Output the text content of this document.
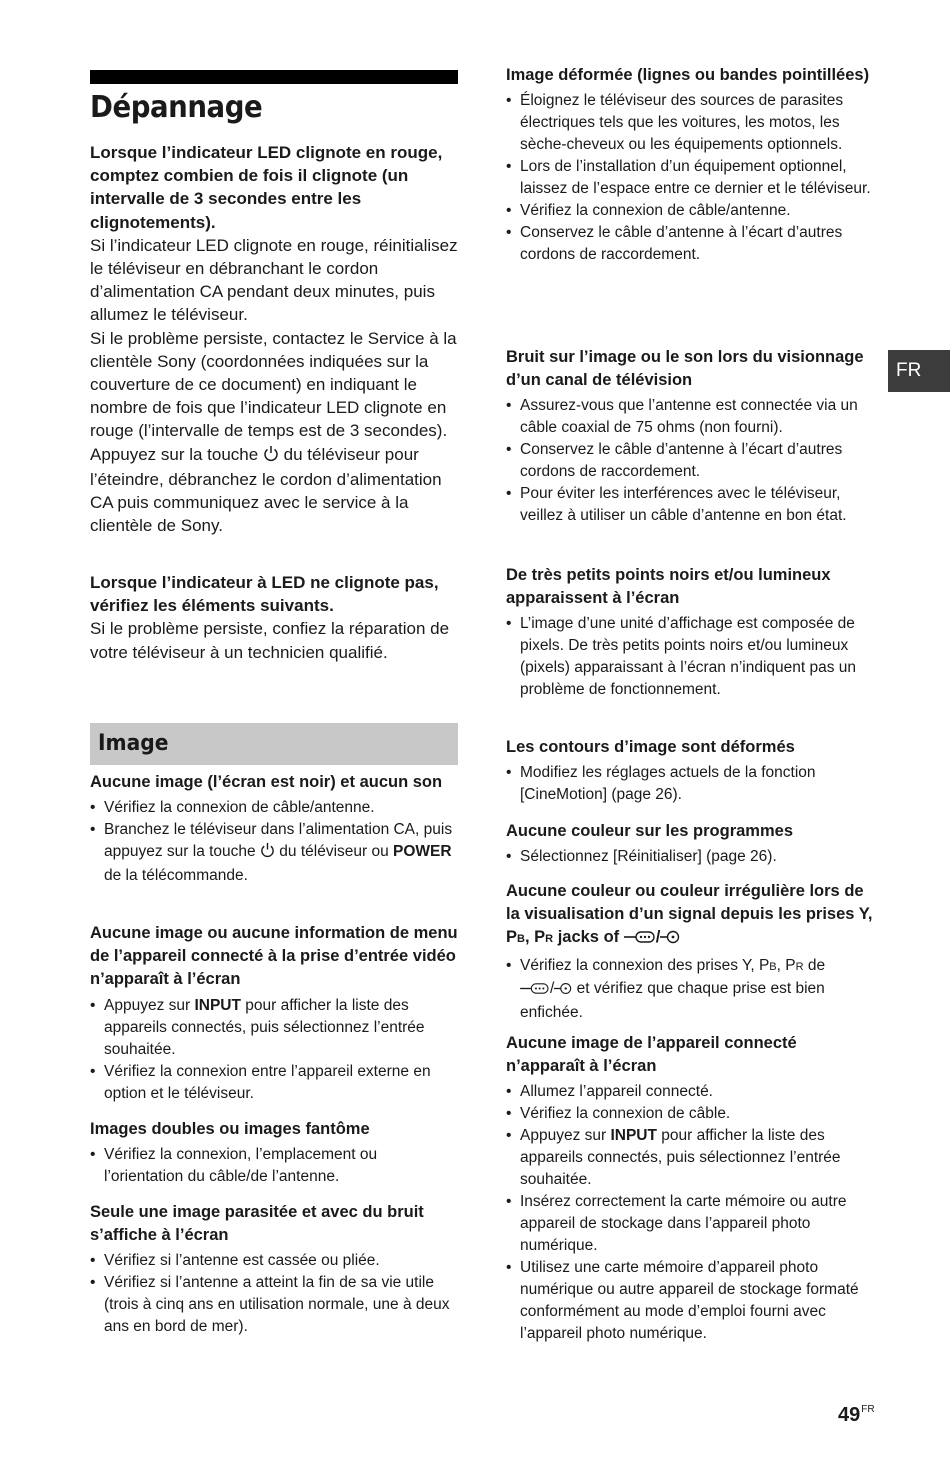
Dépannage

Lorsque l’indicateur LED clignote en rouge, comptez combien de fois il clignote (un intervalle de 3 secondes entre les clignotements).

Si l’indicateur LED clignote en rouge, réinitialisez le téléviseur en débranchant le cordon d’alimentation CA pendant deux minutes, puis allumez le téléviseur.

Si le problème persiste, contactez le Service à la clientèle Sony (coordonnées indiquées sur la couverture de ce document) en indiquant le nombre de fois que l’indicateur LED clignote en rouge (l’intervalle de temps est de 3 secondes).

Appuyez sur la touche  du téléviseur pour l’éteindre, débranchez le cordon d’alimentation CA puis communiquez avec le service à la clientèle de Sony.

Lorsque l’indicateur à LED ne clignote pas, vérifiez les éléments suivants.

Si le problème persiste, confiez la réparation de votre téléviseur à un technicien qualifié.

Image
Aucune image (l’écran est noir) et aucun son
• Vérifiez la connexion de câble/antenne.
• Branchez le téléviseur dans l’alimentation CA, puis appuyez sur la touche  du téléviseur ou POWER de la télécommande.
Aucune image ou aucune information de menu de l’appareil connecté à la prise d’entrée vidéo n’apparaît à l’écran
• Appuyez sur INPUT pour afficher la liste des appareils connectés, puis sélectionnez l’entrée souhaitée.
• Vérifiez la connexion entre l’appareil externe en option et le téléviseur.
Images doubles ou images fantôme
• Vérifiez la connexion, l’emplacement ou l’orientation du câble/de l’antenne.
Seule une image parasitée et avec du bruit s’affiche à l’écran
• Vérifiez si l’antenne est cassée ou pliée.
• Vérifiez si l’antenne a atteint la fin de sa vie utile (trois à cinq ans en utilisation normale, une à deux ans en bord de mer).
Image déformée (lignes ou bandes pointillées)
• Éloignez le téléviseur des sources de parasites électriques tels que les voitures, les motos, les sèche-cheveux ou les équipements optionnels.
• Lors de l’installation d’un équipement optionnel, laissez de l’espace entre ce dernier et le téléviseur.
• Vérifiez la connexion de câble/antenne.
• Conservez le câble d’antenne à l’écart d’autres cordons de raccordement.
Bruit sur l’image ou le son lors du visionnage d’un canal de télévision
• Assurez-vous que l’antenne est connectée via un câble coaxial de 75 ohms (non fourni).
• Conservez le câble d’antenne à l’écart d’autres cordons de raccordement.
• Pour éviter les interférences avec le téléviseur, veillez à utiliser un câble d’antenne en bon état.
De très petits points noirs et/ou lumineux apparaissent à l’écran
• L’image d’une unité d’affichage est composée de pixels. De très petits points noirs et/ou lumineux (pixels) apparaissant à l’écran n’indiquent pas un problème de fonctionnement.
Les contours d’image sont déformés
• Modifiez les réglages actuels de la fonction [CineMotion] (page 26).
Aucune couleur sur les programmes
• Sélectionnez [Réinitialiser] (page 26).
Aucune couleur ou couleur irrégulière lors de la visualisation d’un signal depuis les prises Y, PB, PR jacks of /
• Vérifiez la connexion des prises Y, PB, PR de
/ et vérifiez que chaque prise est bien enfichée.
Aucune image de l’appareil connecté n’apparaît à l’écran
• Allumez l’appareil connecté.
• Vérifiez la connexion de câble.
• Appuyez sur INPUT pour afficher la liste des appareils connectés, puis sélectionnez l’entrée souhaitée.
• Insérez correctement la carte mémoire ou autre appareil de stockage dans l’appareil photo numérique.
• Utilisez une carte mémoire d’appareil photo numérique ou autre appareil de stockage formaté conformément au mode d’emploi fourni avec l’appareil photo numérique.
FR
$49^{FR}$
